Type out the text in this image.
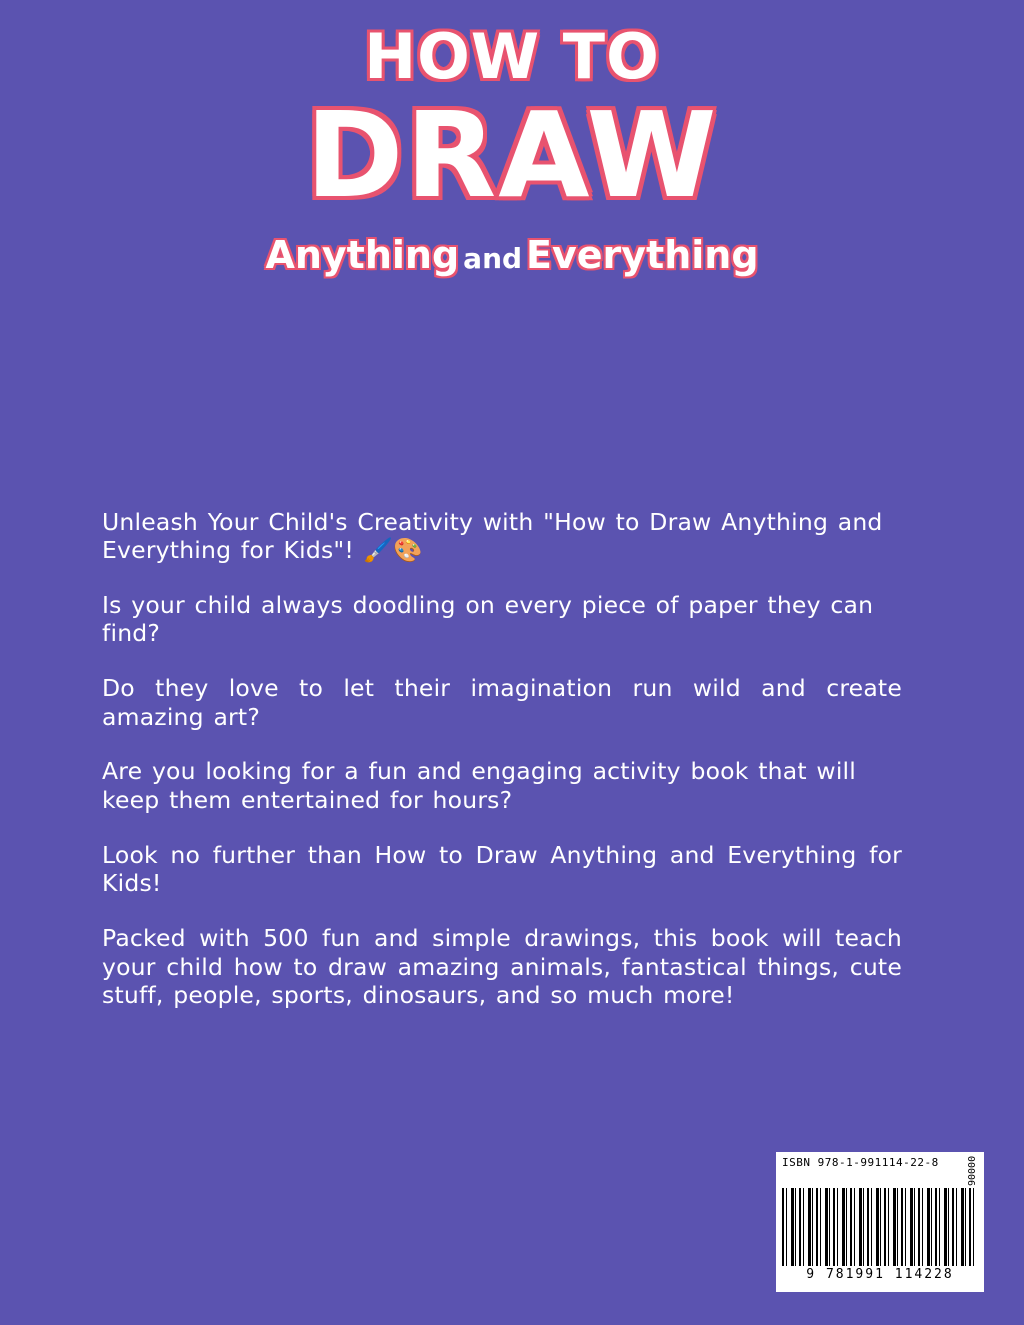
HOW TO
DRAW
Anything and Everything

Unleash Your Child's Creativity with "How to Draw Anything and Everything for Kids"! 🖌️🎨

Is your child always doodling on every piece of paper they can find?

Do they love to let their imagination run wild and create amazing art?

Are you looking for a fun and engaging activity book that will keep them entertained for hours?

Look no further than How to Draw Anything and Everything for Kids!

Packed with 500 fun and simple drawings, this book will teach your child how to draw amazing animals, fantastical things, cute stuff, people, sports, dinosaurs, and so much more!

ISBN 978-1-991114-22-8	90000
9 781991 114228
